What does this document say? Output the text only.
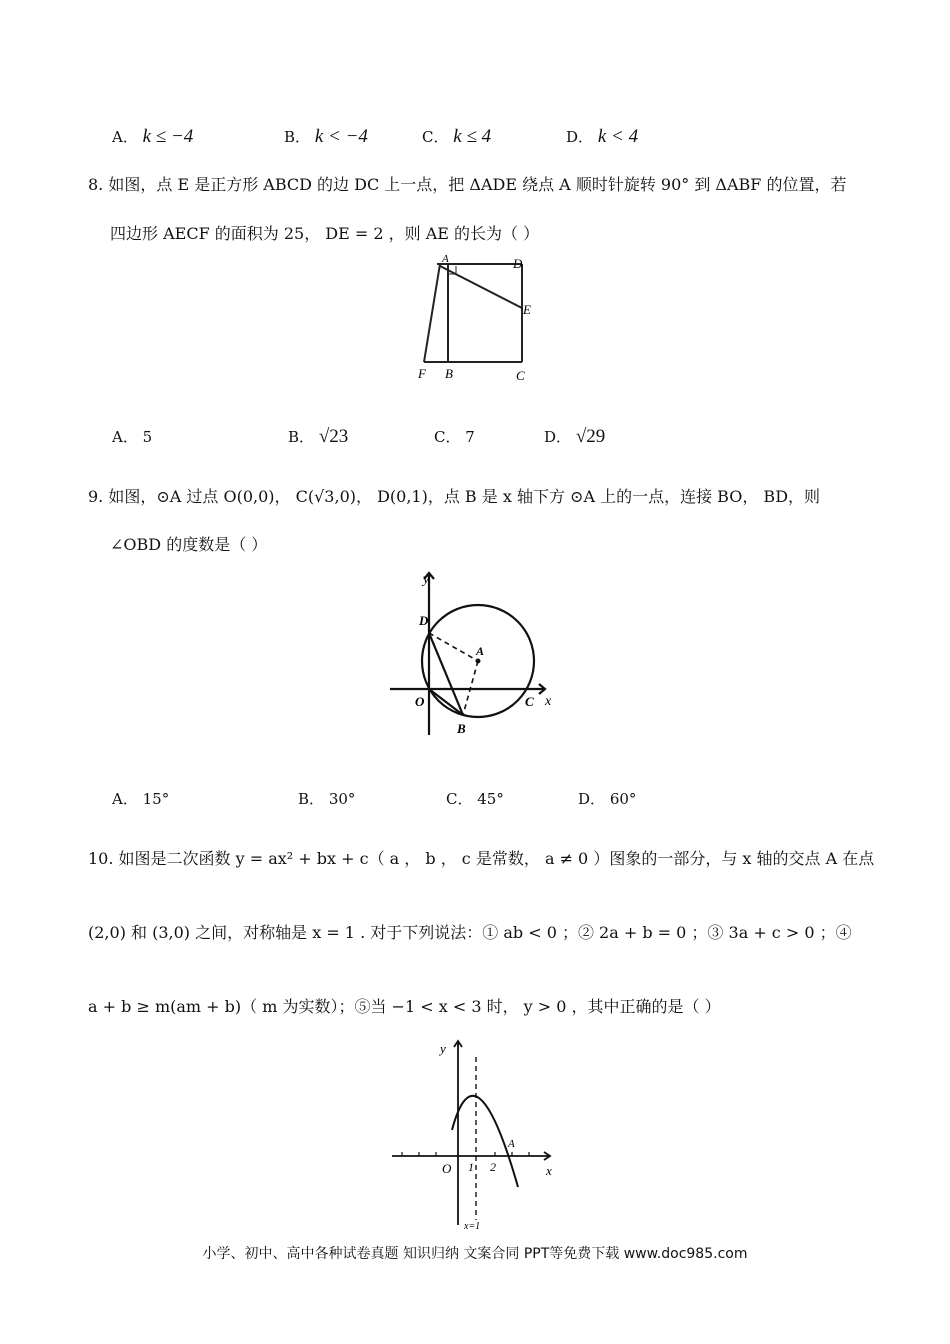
A． k ≤ −4	B． k < −4	C． k ≤ 4	D． k < 4
8. 如图，点 E 是正方形 ABCD 的边 DC 上一点，把 ΔADE 绕点 A 顺时针旋转 90° 到 ΔABF 的位置，若
四边形 AECF 的面积为 25， DE = 2 ，则 AE 的长为（ ）
A	D
E
F B	C
A． 5	B． √23	C． 7	D． √29
9. 如图，⊙A 过点 O(0,0)， C(√3,0)， D(0,1)，点 B 是 x 轴下方 ⊙A 上的一点，连接 BO， BD，则
∠OBD 的度数是（ ）
y
x
D
A
O	C
B
A． 15°	B． 30°	C． 45°	D． 60°
10. 如图是二次函数 y = ax² + bx + c（ a ， b ， c 是常数， a ≠ 0 ）图象的一部分，与 x 轴的交点 A 在点
(2,0) 和 (3,0) 之间，对称轴是 x = 1 . 对于下列说法：① ab < 0 ；② 2a + b = 0 ；③ 3a + c > 0 ；④
a + b ≥ m(am + b)（ m 为实数）；⑤当 −1 < x < 3 时， y > 0 ，其中正确的是（ ）
y
x
O 1 2
A
x=1
小学、初中、高中各种试卷真题 知识归纳 文案合同 PPT等免费下载 www.doc985.com
